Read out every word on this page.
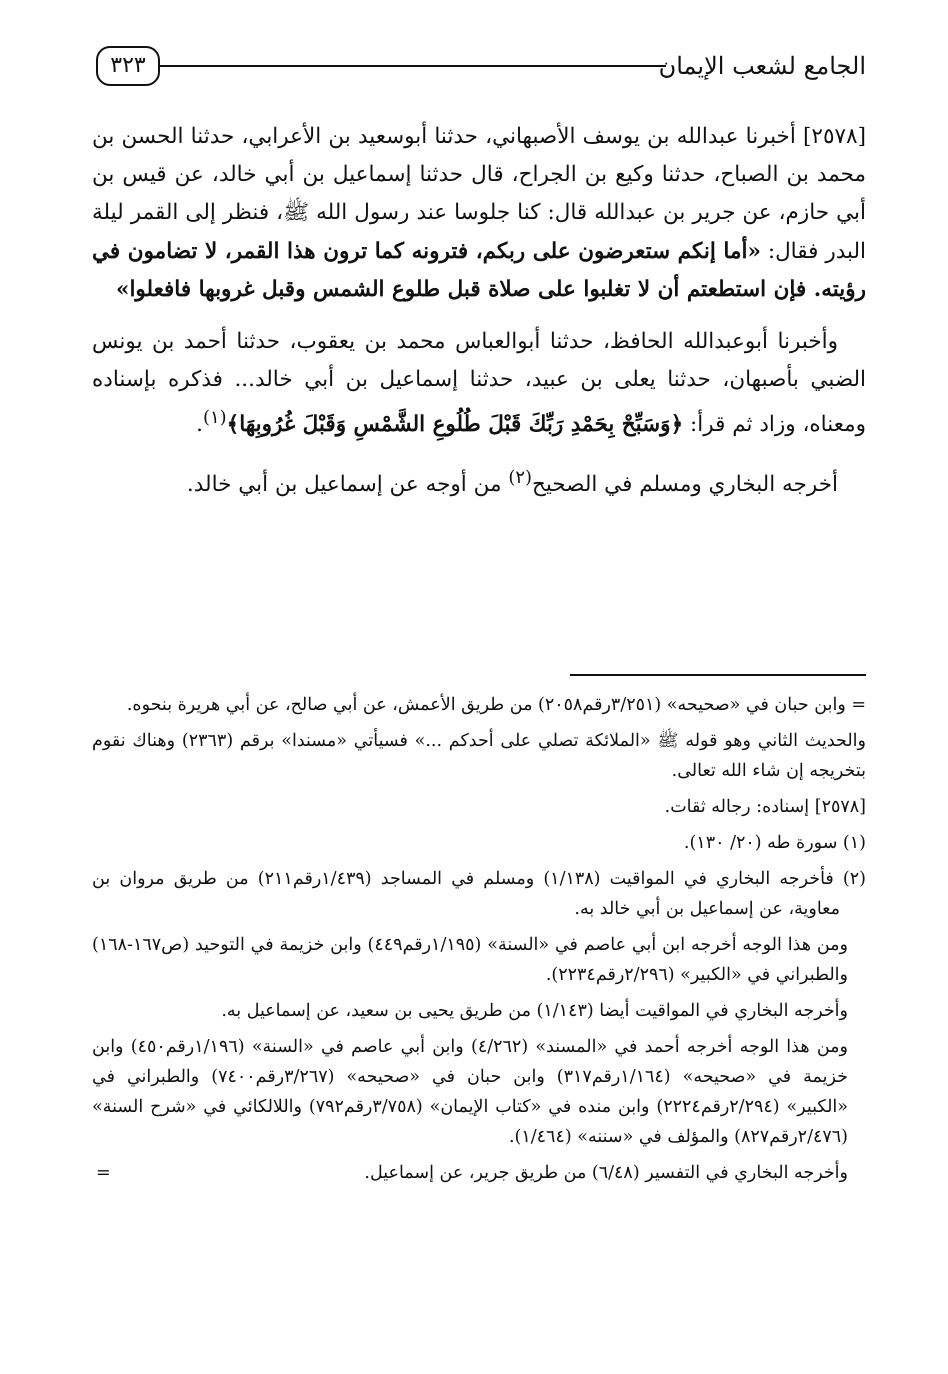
٣٢٣	الجامع لشعب الإيمان

[٢٥٧٨] أخبرنا عبدالله بن يوسف الأصبهاني، حدثنا أبوسعيد بن الأعرابي، حدثنا الحسن بن محمد بن الصباح، حدثنا وكيع بن الجراح، قال حدثنا إسماعيل بن أبي خالد، عن قيس بن أبي حازم، عن جرير بن عبدالله قال: كنا جلوسا عند رسول الله ﷺ، فنظر إلى القمر ليلة البدر فقال: «أما إنكم ستعرضون على ربكم، فترونه كما ترون هذا القمر، لا تضامون في رؤيته. فإن استطعتم أن لا تغلبوا على صلاة قبل طلوع الشمس وقبل غروبها فافعلوا»

وأخبرنا أبوعبدالله الحافظ، حدثنا أبوالعباس محمد بن يعقوب، حدثنا أحمد بن يونس الضبي بأصبهان، حدثنا يعلى بن عبيد، حدثنا إسماعيل بن أبي خالد... فذكره بإسناده ومعناه، وزاد ثم قرأ: ﴿وَسَبِّحْ بِحَمْدِ رَبِّكَ قَبْلَ طُلُوعِ الشَّمْسِ وَقَبْلَ غُرُوبِهَا﴾$^{(١)}$.

أخرجه البخاري ومسلم في الصحيح$^{(٢)}$ من أوجه عن إسماعيل بن أبي خالد.

= وابن حبان في «صحيحه» (٣/٢٥١رقم٢٠٥٨) من طريق الأعمش، عن أبي صالح، عن أبي هريرة بنحوه.

والحديث الثاني وهو قوله ﷺ «الملائكة تصلي على أحدكم ...» فسيأتي «مسندا» برقم (٢٣٦٣) وهناك نقوم بتخريجه إن شاء الله تعالى.

[٢٥٧٨] إسناده: رجاله ثقات.

(١) سورة طه (٢٠/ ١٣٠).

(٢) فأخرجه البخاري في المواقيت (١/١٣٨) ومسلم في المساجد (١/٤٣٩رقم٢١١) من طريق مروان بن معاوية، عن إسماعيل بن أبي خالد به.

ومن هذا الوجه أخرجه ابن أبي عاصم في «السنة» (١/١٩٥رقم٤٤٩) وابن خزيمة في التوحيد (ص١٦٧-١٦٨) والطبراني في «الكبير» (٢/٢٩٦رقم٢٢٣٤).

وأخرجه البخاري في المواقيت أيضا (١/١٤٣) من طريق يحيى بن سعيد، عن إسماعيل به.

ومن هذا الوجه أخرجه أحمد في «المسند» (٤/٢٦٢) وابن أبي عاصم في «السنة» (١/١٩٦رقم٤٥٠) وابن خزيمة في «صحيحه» (١/١٦٤رقم٣١٧) وابن حبان في «صحيحه» (٣/٢٦٧رقم٧٤٠٠) والطبراني في «الكبير» (٢/٢٩٤رقم٢٢٢٤) وابن منده في «كتاب الإيمان» (٣/٧٥٨رقم٧٩٢) واللالكائي في «شرح السنة» (٢/٤٧٦رقم٨٢٧) والمؤلف في «سننه» (١/٤٦٤).

=	وأخرجه البخاري في التفسير (٦/٤٨) من طريق جرير، عن إسماعيل.
